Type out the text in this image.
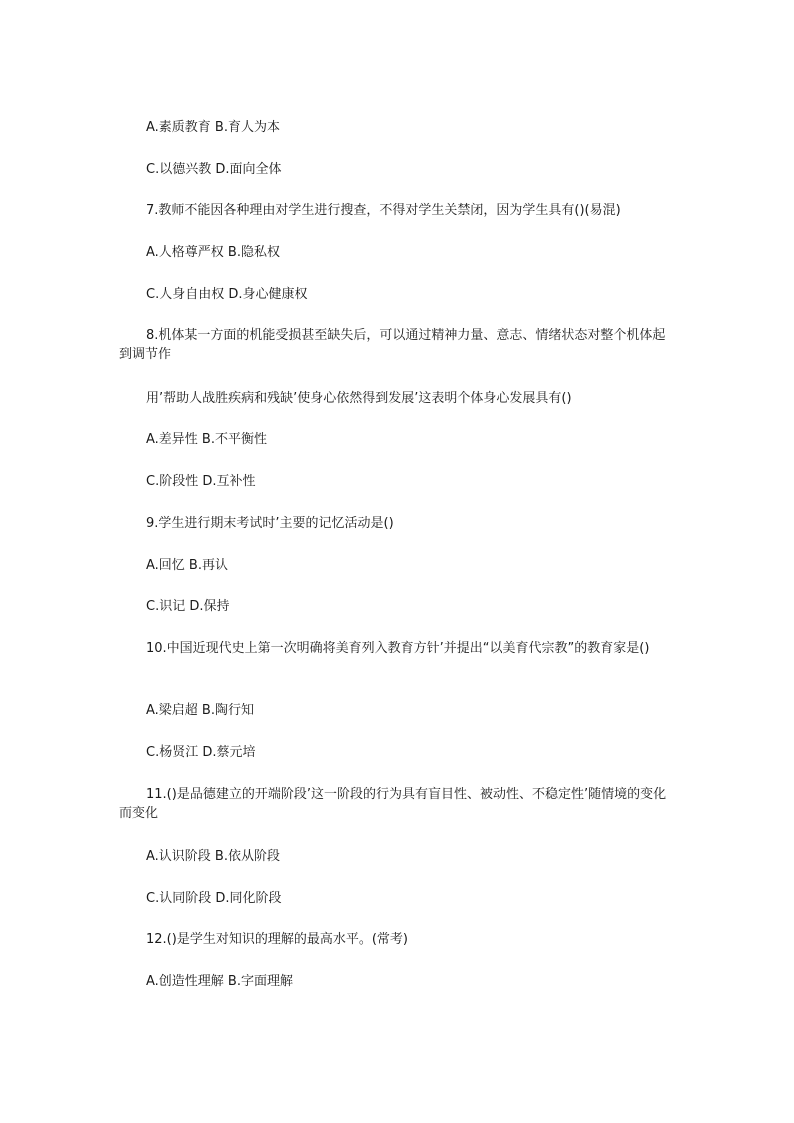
A.素质教育 B.育人为本
C.以德兴教 D.面向全体
7.教师不能因各种理由对学生进行搜查，不得对学生关禁闭，因为学生具有()(易混)
A.人格尊严权 B.隐私权
C.人身自由权 D.身心健康权
8.机体某一方面的机能受损甚至缺失后，可以通过精神力量、意志、情绪状态对整个机体起到调节作
用’帮助人战胜疾病和残缺’使身心依然得到发展’这表明个体身心发展具有()
A.差异性 B.不平衡性
C.阶段性 D.互补性
9.学生进行期末考试时’主要的记忆活动是()
A.回忆 B.再认
C.识记 D.保持
10.中国近现代史上第一次明确将美育列入教育方针’并提出“以美育代宗教”的教育家是()
A.梁启超 B.陶行知
C.杨贤江 D.蔡元培
11.()是品德建立的开端阶段’这一阶段的行为具有盲目性、被动性、不稳定性’随情境的变化而变化
A.认识阶段 B.依从阶段
C.认同阶段 D.同化阶段
12.()是学生对知识的理解的最高水平。(常考)
A.创造性理解 B.字面理解
